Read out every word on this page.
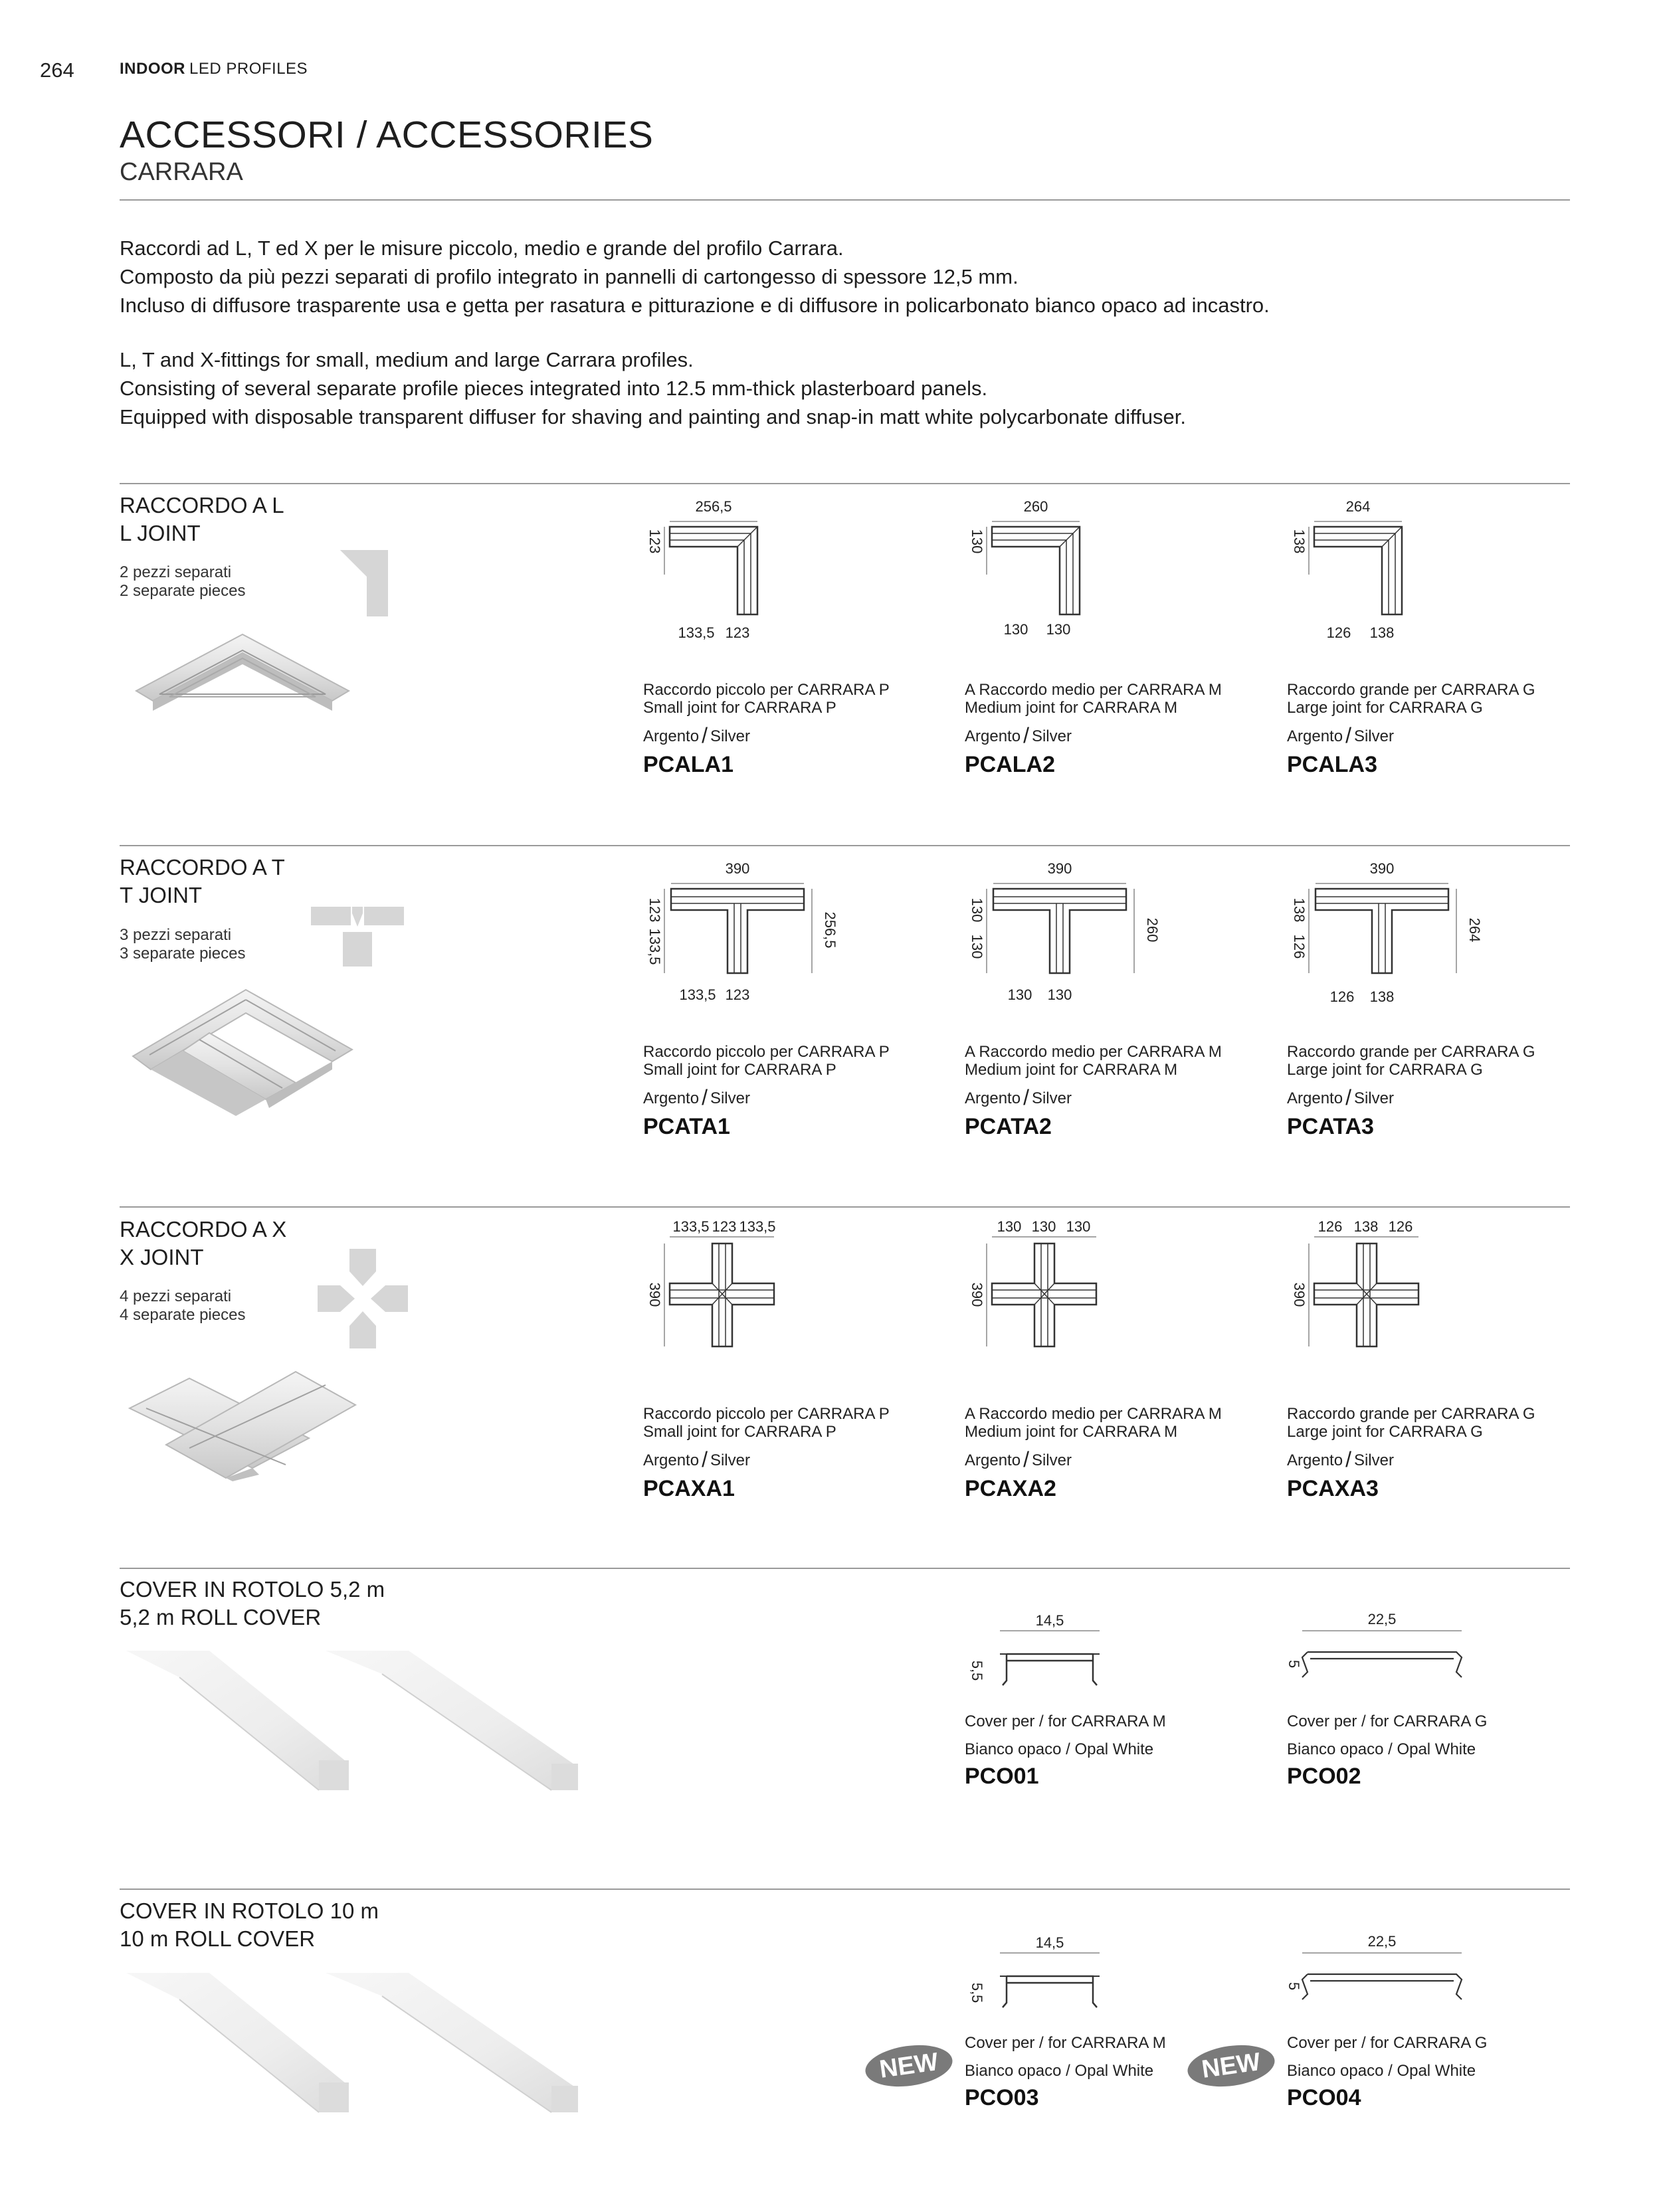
264	INDOOR LED PROFILES
ACCESSORI / ACCESSORIES
CARRARA
Raccordi ad L, T ed X per le misure piccolo, medio e grande del profilo Carrara.
Composto da più pezzi separati di profilo integrato in pannelli di cartongesso di spessore 12,5 mm.
Incluso di diffusore trasparente usa e getta per rasatura e pitturazione e di diffusore in policarbonato bianco opaco ad incastro.
L, T and X-fittings for small, medium and large Carrara profiles.
Consisting of several separate profile pieces integrated into 12.5 mm-thick plasterboard panels.
Equipped with disposable transparent diffuser for shaving and painting and snap-in matt white polycarbonate diffuser.
RACCORDO A L
L JOINT
2 pezzi separati
2 separate pieces
256,5
123
133,5 123
260
130
130 130
264
138
126 138
Raccordo piccolo per CARRARA P
Small joint for CARRARA P
Argento / Silver
PCALA1
A Raccordo medio per CARRARA M
Medium joint for CARRARA M
Argento / Silver
PCALA2
Raccordo grande per CARRARA G
Large joint for CARRARA G
Argento / Silver
PCALA3
RACCORDO A T
T JOINT
3 pezzi separati
3 separate pieces
390
123
133,5	256,5
133,5 123
390
130
130
260
130 130
390
138
126
264
126 138
Raccordo piccolo per CARRARA P
Small joint for CARRARA P
Argento / Silver
PCATA1
A Raccordo medio per CARRARA M
Medium joint for CARRARA M
Argento / Silver
PCATA2
Raccordo grande per CARRARA G
Large joint for CARRARA G
Argento / Silver
PCATA3
RACCORDO A X
X JOINT
4 pezzi separati
4 separate pieces
133,5 123 133,5
390
130 130 130
390
126 138 126
390
Raccordo piccolo per CARRARA P
Small joint for CARRARA P
Argento / Silver
PCAXA1
A Raccordo medio per CARRARA M
Medium joint for CARRARA M
Argento / Silver
PCAXA2
Raccordo grande per CARRARA G
Large joint for CARRARA G
Argento / Silver
PCAXA3
COVER IN ROTOLO 5,2 m
5,2 m ROLL COVER	14,5
5,5
22,5
5
Cover per / for CARRARA M
Bianco opaco / Opal White
PCO01
Cover per / for CARRARA G
Bianco opaco / Opal White
PCO02
COVER IN ROTOLO 10 m
10 m ROLL COVER	14,5
5,5
22,5
5
NEW	NEW
Cover per / for CARRARA M
Bianco opaco / Opal White
PCO03
Cover per / for CARRARA G
Bianco opaco / Opal White
PCO04
